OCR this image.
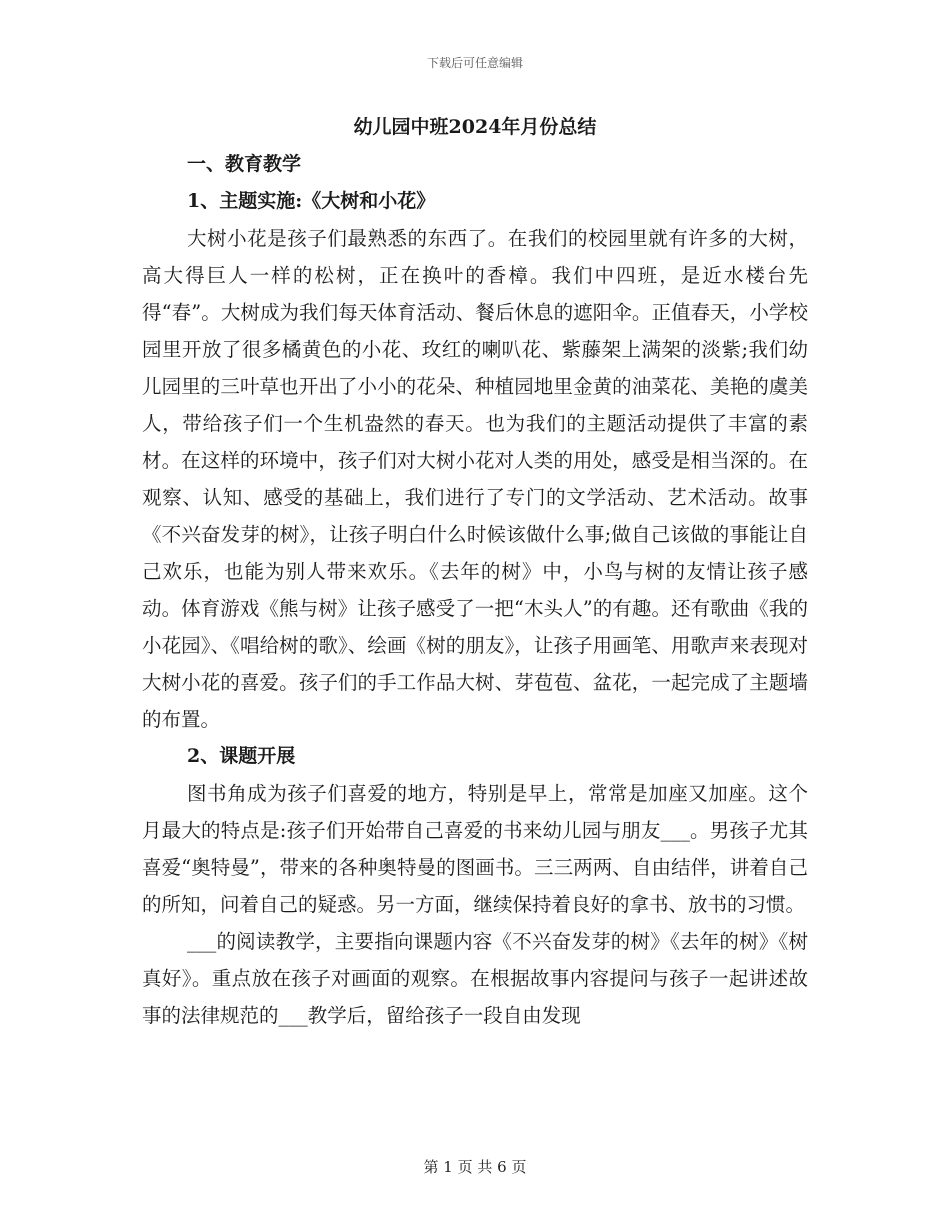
下载后可任意编辑

幼儿园中班2024年月份总结

一、教育教学

1、主题实施:《大树和小花》

大树小花是孩子们最熟悉的东西了。在我们的校园里就有许多的大树，高大得巨人一样的松树，正在换叶的香樟。我们中四班，是近水楼台先得“春”。大树成为我们每天体育活动、餐后休息的遮阳伞。正值春天，小学校园里开放了很多橘黄色的小花、玫红的喇叭花、紫藤架上满架的淡紫;我们幼儿园里的三叶草也开出了小小的花朵、种植园地里金黄的油菜花、美艳的虞美人，带给孩子们一个生机盎然的春天。也为我们的主题活动提供了丰富的素材。在这样的环境中，孩子们对大树小花对人类的用处，感受是相当深的。在观察、认知、感受的基础上，我们进行了专门的文学活动、艺术活动。故事《不兴奋发芽的树》，让孩子明白什么时候该做什么事;做自己该做的事能让自己欢乐，也能为别人带来欢乐。《去年的树》中，小鸟与树的友情让孩子感动。体育游戏《熊与树》让孩子感受了一把“木头人”的有趣。还有歌曲《我的小花园》、《唱给树的歌》、绘画《树的朋友》，让孩子用画笔、用歌声来表现对大树小花的喜爱。孩子们的手工作品大树、芽苞苞、盆花，一起完成了主题墙的布置。

2、课题开展

图书角成为孩子们喜爱的地方，特别是早上，常常是加座又加座。这个月最大的特点是:孩子们开始带自己喜爱的书来幼儿园与朋友___。男孩子尤其喜爱“奥特曼”，带来的各种奥特曼的图画书。三三两两、自由结伴，讲着自己的所知，问着自己的疑惑。另一方面，继续保持着良好的拿书、放书的习惯。

___的阅读教学，主要指向课题内容《不兴奋发芽的树》《去年的树》《树真好》。重点放在孩子对画面的观察。在根据故事内容提问与孩子一起讲述故事的法律规范的___教学后，留给孩子一段自由发现

第 1 页 共 6 页
